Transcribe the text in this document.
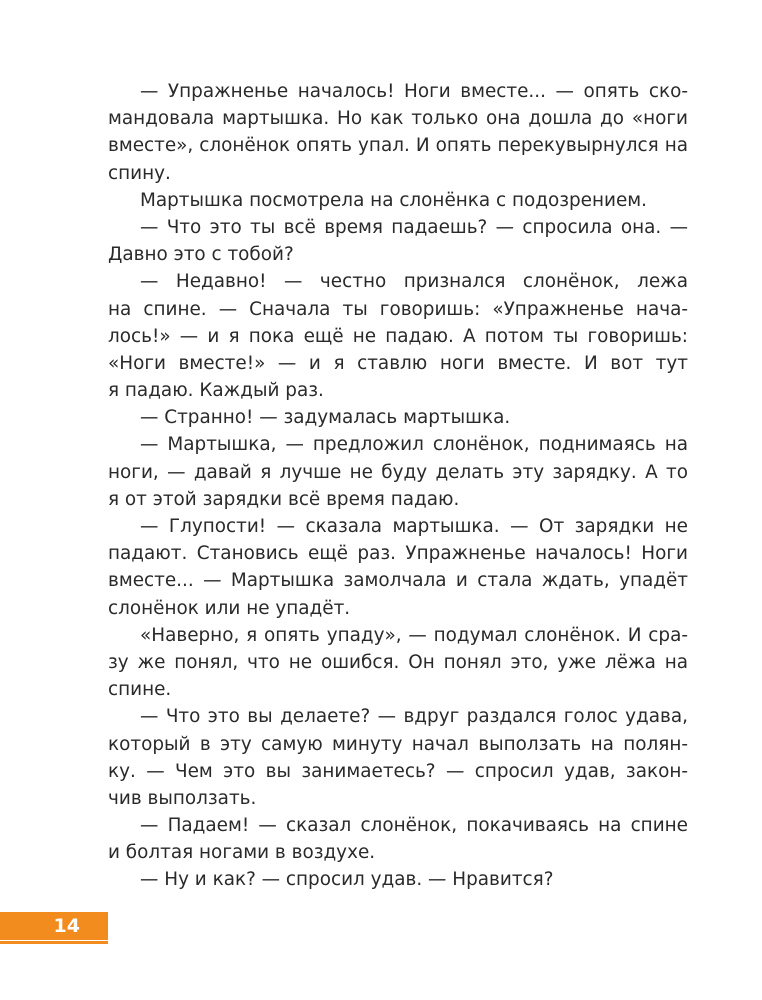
— Упражненье началось! Ноги вместе... — опять ско-
мандовала мартышка. Но как только она дошла до «ноги
вместе», слонёнок опять упал. И опять перекувырнулся на
спину.
Мартышка посмотрела на слонёнка с подозрением.
— Что это ты всё время падаешь? — спросила она. —
Давно это с тобой?
— Недавно! — честно признался слонёнок, лежа
на спине. — Сначала ты говоришь: «Упражненье нача-
лось!» — и я пока ещё не падаю. А потом ты говоришь:
«Ноги вместе!» — и я ставлю ноги вместе. И вот тут
я падаю. Каждый раз.
— Странно! — задумалась мартышка.
— Мартышка, — предложил слонёнок, поднимаясь на
ноги, — давай я лучше не буду делать эту зарядку. А то
я от этой зарядки всё время падаю.
— Глупости! — сказала мартышка. — От зарядки не
падают. Становись ещё раз. Упражненье началось! Ноги
вместе... — Мартышка замолчала и стала ждать, упадёт
слонёнок или не упадёт.
«Наверно, я опять упаду», — подумал слонёнок. И сра-
зу же понял, что не ошибся. Он понял это, уже лёжа на
спине.
— Что это вы делаете? — вдруг раздался голос удава,
который в эту самую минуту начал выползать на полян-
ку. — Чем это вы занимаетесь? — спросил удав, закон-
чив выползать.
— Падаем! — сказал слонёнок, покачиваясь на спине
и болтая ногами в воздухе.
— Ну и как? — спросил удав. — Нравится?
14
